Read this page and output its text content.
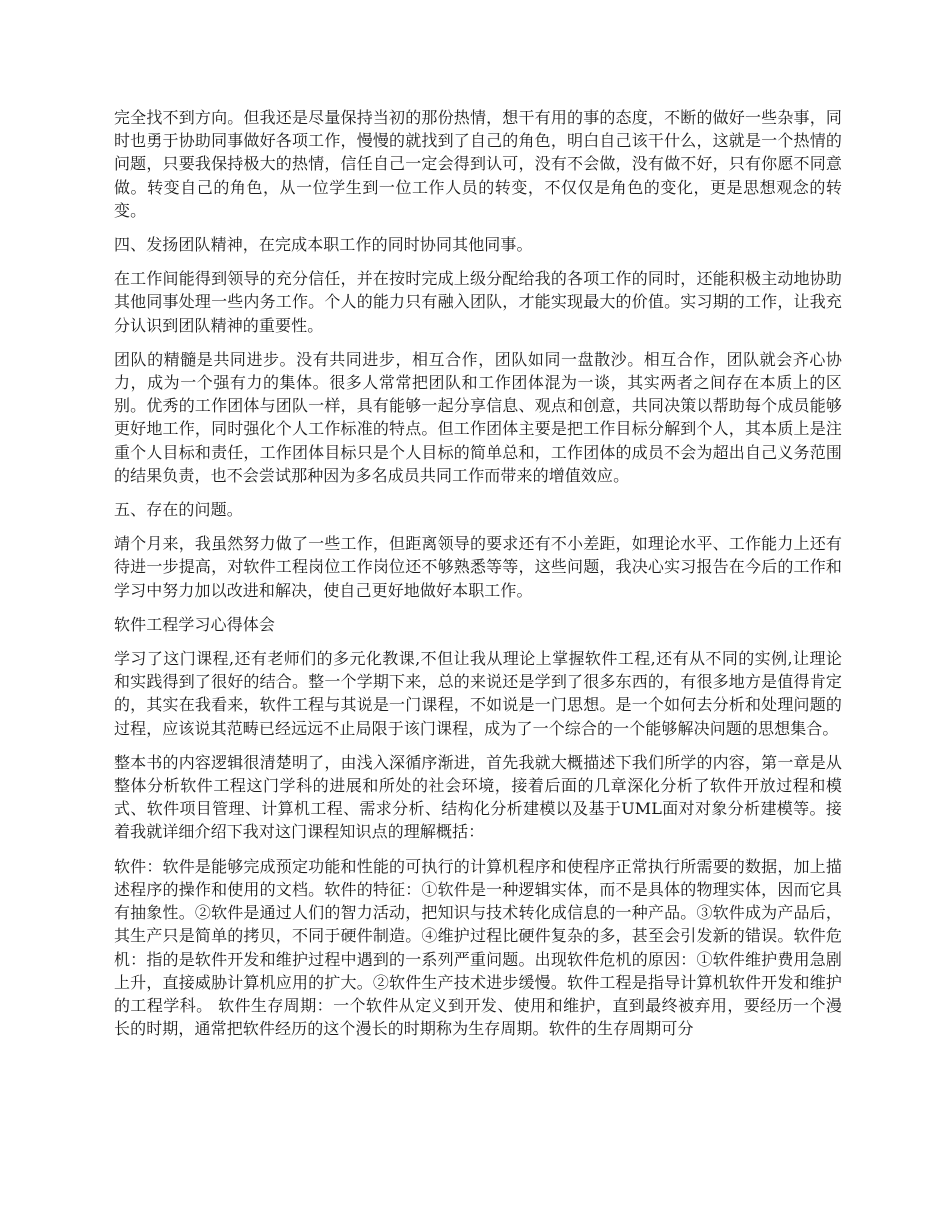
完全找不到方向。但我还是尽量保持当初的那份热情，想干有用的事的态度，不断的做好一些杂事，同时也勇于协助同事做好各项工作，慢慢的就找到了自己的角色，明白自己该干什么，这就是一个热情的问题，只要我保持极大的热情，信任自己一定会得到认可，没有不会做，没有做不好，只有你愿不同意做。转变自己的角色，从一位学生到一位工作人员的转变，不仅仅是角色的变化，更是思想观念的转变。

四、发扬团队精神，在完成本职工作的同时协同其他同事。

在工作间能得到领导的充分信任，并在按时完成上级分配给我的各项工作的同时，还能积极主动地协助其他同事处理一些内务工作。个人的能力只有融入团队，才能实现最大的价值。实习期的工作，让我充分认识到团队精神的重要性。

团队的精髓是共同进步。没有共同进步，相互合作，团队如同一盘散沙。相互合作，团队就会齐心协力，成为一个强有力的集体。很多人常常把团队和工作团体混为一谈，其实两者之间存在本质上的区别。优秀的工作团体与团队一样，具有能够一起分享信息、观点和创意，共同决策以帮助每个成员能够更好地工作，同时强化个人工作标准的特点。但工作团体主要是把工作目标分解到个人，其本质上是注重个人目标和责任，工作团体目标只是个人目标的简单总和，工作团体的成员不会为超出自己义务范围的结果负责，也不会尝试那种因为多名成员共同工作而带来的增值效应。

五、存在的问题。

靖个月来，我虽然努力做了一些工作，但距离领导的要求还有不小差距，如理论水平、工作能力上还有待进一步提高，对软件工程岗位工作岗位还不够熟悉等等，这些问题，我决心实习报告在今后的工作和学习中努力加以改进和解决，使自己更好地做好本职工作。

软件工程学习心得体会

学习了这门课程,还有老师们的多元化教课,不但让我从理论上掌握软件工程,还有从不同的实例,让理论和实践得到了很好的结合。整一个学期下来，总的来说还是学到了很多东西的，有很多地方是值得肯定的，其实在我看来，软件工程与其说是一门课程，不如说是一门思想。是一个如何去分析和处理问题的过程，应该说其范畴已经远远不止局限于该门课程，成为了一个综合的一个能够解决问题的思想集合。

整本书的内容逻辑很清楚明了，由浅入深循序渐进，首先我就大概描述下我们所学的内容，第一章是从整体分析软件工程这门学科的进展和所处的社会环境，接着后面的几章深化分析了软件开放过程和模式、软件项目管理、计算机工程、需求分析、结构化分析建模以及基于UML面对对象分析建模等。接着我就详细介绍下我对这门课程知识点的理解概括：

软件：软件是能够完成预定功能和性能的可执行的计算机程序和使程序正常执行所需要的数据，加上描述程序的操作和使用的文档。软件的特征：①软件是一种逻辑实体，而不是具体的物理实体，因而它具有抽象性。②软件是通过人们的智力活动，把知识与技术转化成信息的一种产品。③软件成为产品后，其生产只是简单的拷贝，不同于硬件制造。④维护过程比硬件复杂的多，甚至会引发新的错误。软件危机：指的是软件开发和维护过程中遇到的一系列严重问题。出现软件危机的原因：①软件维护费用急剧上升，直接威胁计算机应用的扩大。②软件生产技术进步缓慢。软件工程是指导计算机软件开发和维护的工程学科。 软件生存周期：一个软件从定义到开发、使用和维护，直到最终被弃用，要经历一个漫长的时期，通常把软件经历的这个漫长的时期称为生存周期。软件的生存周期可分
